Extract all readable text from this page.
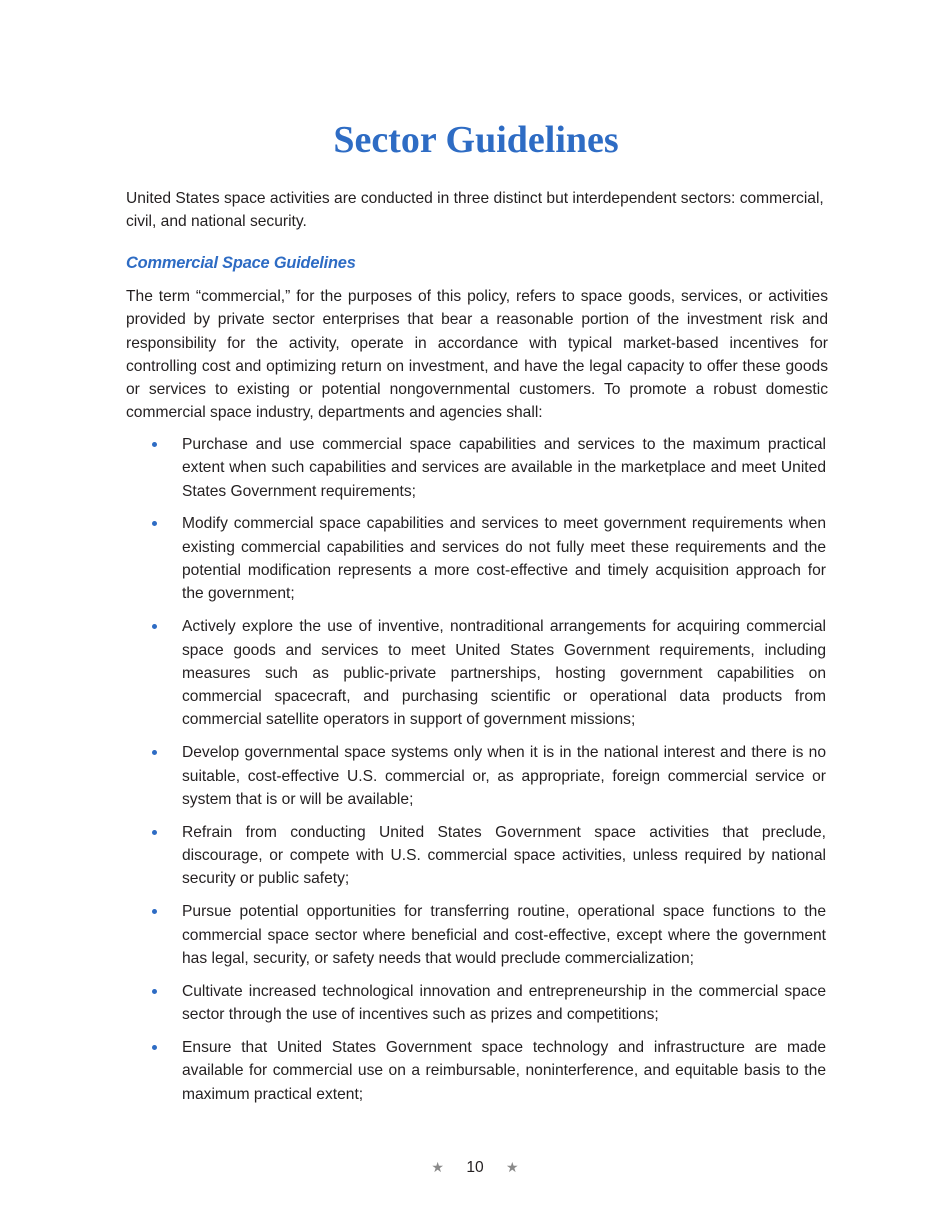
Sector Guidelines

United States space activities are conducted in three distinct but interdependent sectors: commercial, civil, and national security.

Commercial Space Guidelines

The term “commercial,” for the purposes of this policy, refers to space goods, services, or activities provided by private sector enterprises that bear a reasonable portion of the investment risk and responsibility for the activity, operate in accordance with typical market-based incentives for controlling cost and optimizing return on investment, and have the legal capacity to offer these goods or services to existing or potential nongovernmental customers. To promote a robust domestic commercial space industry, departments and agencies shall:

Purchase and use commercial space capabilities and services to the maximum practical extent when such capabilities and services are available in the marketplace and meet United States Government requirements;
Modify commercial space capabilities and services to meet government requirements when existing commercial capabilities and services do not fully meet these requirements and the potential modification represents a more cost-effective and timely acquisition approach for the government;
Actively explore the use of inventive, nontraditional arrangements for acquiring commercial space goods and services to meet United States Government requirements, including measures such as public-private partnerships, hosting government capabilities on commercial spacecraft, and purchasing scientific or operational data products from commercial satellite operators in support of government missions;
Develop governmental space systems only when it is in the national interest and there is no suitable, cost-effective U.S. commercial or, as appropriate, foreign commercial service or system that is or will be available;
Refrain from conducting United States Government space activities that preclude, discourage, or compete with U.S. commercial space activities, unless required by national security or public safety;
Pursue potential opportunities for transferring routine, operational space functions to the commercial space sector where beneficial and cost-effective, except where the government has legal, security, or safety needs that would preclude commercialization;
Cultivate increased technological innovation and entrepreneurship in the commercial space sector through the use of incentives such as prizes and competitions;
Ensure that United States Government space technology and infrastructure are made available for commercial use on a reimbursable, noninterference, and equitable basis to the maximum practical extent;
★ 10 ★
